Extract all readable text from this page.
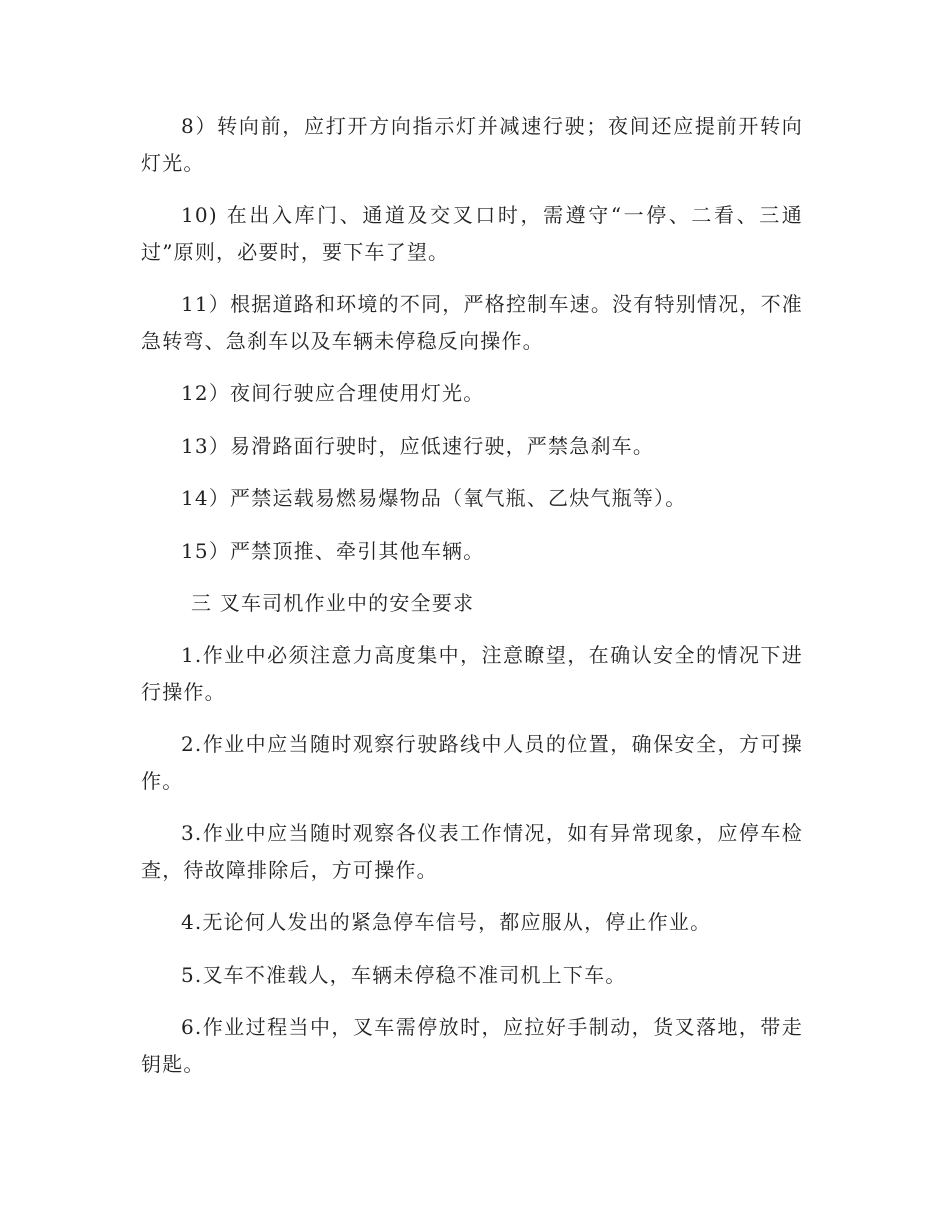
8）转向前，应打开方向指示灯并减速行驶；夜间还应提前开转向灯光。

10) 在出入库门、通道及交叉口时，需遵守“一停、二看、三通过”原则，必要时，要下车了望。

11）根据道路和环境的不同，严格控制车速。没有特别情况，不准急转弯、急刹车以及车辆未停稳反向操作。

12）夜间行驶应合理使用灯光。

13）易滑路面行驶时，应低速行驶，严禁急刹车。

14）严禁运载易燃易爆物品（氧气瓶、乙炔气瓶等）。

15）严禁顶推、牵引其他车辆。

三 叉车司机作业中的安全要求

1.作业中必须注意力高度集中，注意瞭望，在确认安全的情况下进行操作。

2.作业中应当随时观察行驶路线中人员的位置，确保安全，方可操作。

3.作业中应当随时观察各仪表工作情况，如有异常现象，应停车检查，待故障排除后，方可操作。

4.无论何人发出的紧急停车信号，都应服从，停止作业。

5.叉车不准载人，车辆未停稳不准司机上下车。

6.作业过程当中，叉车需停放时，应拉好手制动，货叉落地，带走钥匙。
